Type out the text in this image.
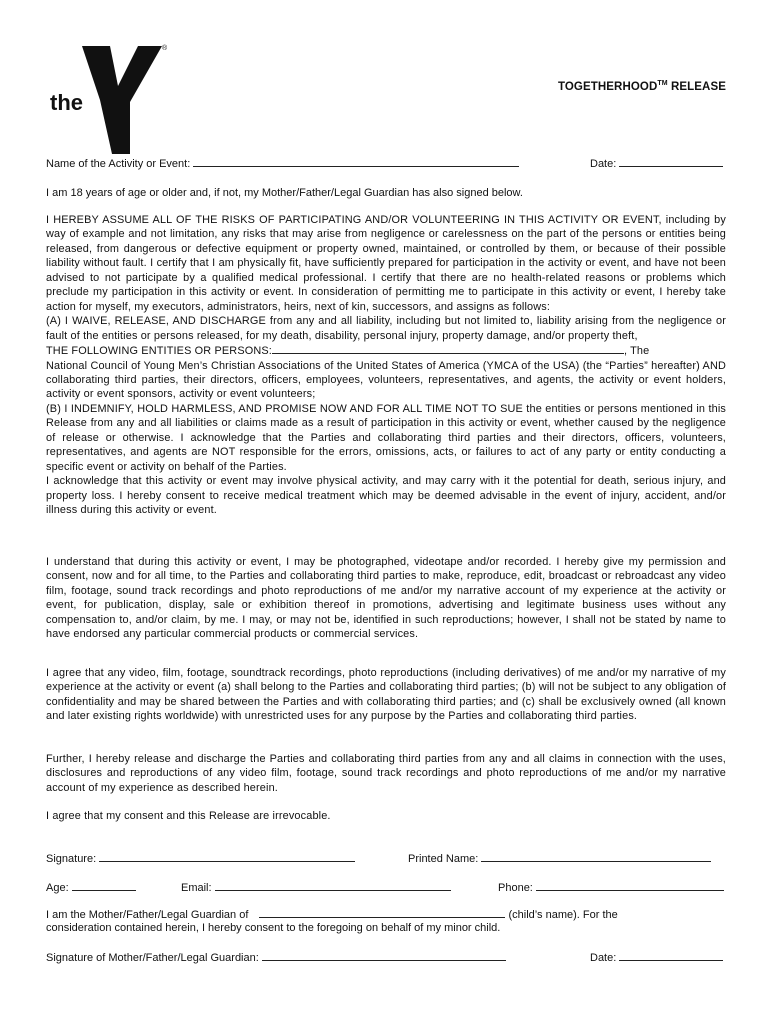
®
the
YMCA
TOGETHERHOOD™ RELEASE
Name of the Activity or Event:	Date:
I am 18 years of age or older and, if not, my Mother/Father/Legal Guardian has also signed below.

I HEREBY ASSUME ALL OF THE RISKS OF PARTICIPATING AND/OR VOLUNTEERING IN THIS ACTIVITY OR EVENT, including by way of example and not limitation, any risks that may arise from negligence or carelessness on the part of the persons or entities being released, from dangerous or defective equipment or property owned, maintained, or controlled by them, or because of their possible liability without fault. I certify that I am physically fit, have sufficiently prepared for participation in the activity or event, and have not been advised to not participate by a qualified medical professional. I certify that there are no health-related reasons or problems which preclude my participation in this activity or event. In consideration of permitting me to participate in this activity or event, I hereby take action for myself, my executors, administrators, heirs, next of kin, successors, and assigns as follows:

(A) I WAIVE, RELEASE, AND DISCHARGE from any and all liability, including but not limited to, liability arising from the negligence or fault of the entities or persons released, for my death, disability, personal injury, property damage, and/or property theft,

THE FOLLOWING ENTITIES OR PERSONS:	, The

National Council of Young Men’s Christian Associations of the United States of America (YMCA of the USA) (the “Parties” hereafter) AND collaborating third parties, their directors, officers, employees, volunteers, representatives, and agents, the activity or event holders, activity or event sponsors, activity or event volunteers;

(B) I INDEMNIFY, HOLD HARMLESS, AND PROMISE NOW AND FOR ALL TIME NOT TO SUE the entities or persons mentioned in this Release from any and all liabilities or claims made as a result of participation in this activity or event, whether caused by the negligence of release or otherwise. I acknowledge that the Parties and collaborating third parties and their directors, officers, volunteers, representatives, and agents are NOT responsible for the errors, omissions, acts, or failures to act of any party or entity conducting a specific event or activity on behalf of the Parties.

I acknowledge that this activity or event may involve physical activity, and may carry with it the potential for death, serious injury, and property loss. I hereby consent to receive medical treatment which may be deemed advisable in the event of injury, accident, and/or illness during this activity or event.

I understand that during this activity or event, I may be photographed, videotape and/or recorded. I hereby give my permission and consent, now and for all time, to the Parties and collaborating third parties to make, reproduce, edit, broadcast or rebroadcast any video film, footage, sound track recordings and photo reproductions of me and/or my narrative account of my experience at the activity or event, for publication, display, sale or exhibition thereof in promotions, advertising and legitimate business uses without any compensation to, and/or claim, by me. I may, or may not be, identified in such reproductions; however, I shall not be stated by name to have endorsed any particular commercial products or commercial services.
I agree that any video, film, footage, soundtrack recordings, photo reproductions (including derivatives) of me and/or my narrative of my experience at the activity or event (a) shall belong to the Parties and collaborating third parties; (b) will not be subject to any obligation of confidentiality and may be shared between the Parties and with collaborating third parties; and (c) shall be exclusively owned (all known and later existing rights worldwide) with unrestricted uses for any purpose by the Parties and collaborating third parties.
Further, I hereby release and discharge the Parties and collaborating third parties from any and all claims in connection with the uses, disclosures and reproductions of any video film, footage, sound track recordings and photo reproductions of me and/or my narrative account of my experience as described herein.
I agree that my consent and this Release are irrevocable.
Signature:	Printed Name:
Age:	Email:	Phone:
I am the Mother/Father/Legal Guardian of	(child’s name). For the
consideration contained herein, I hereby consent to the foregoing on behalf of my minor child.
Signature of Mother/Father/Legal Guardian:	Date:
